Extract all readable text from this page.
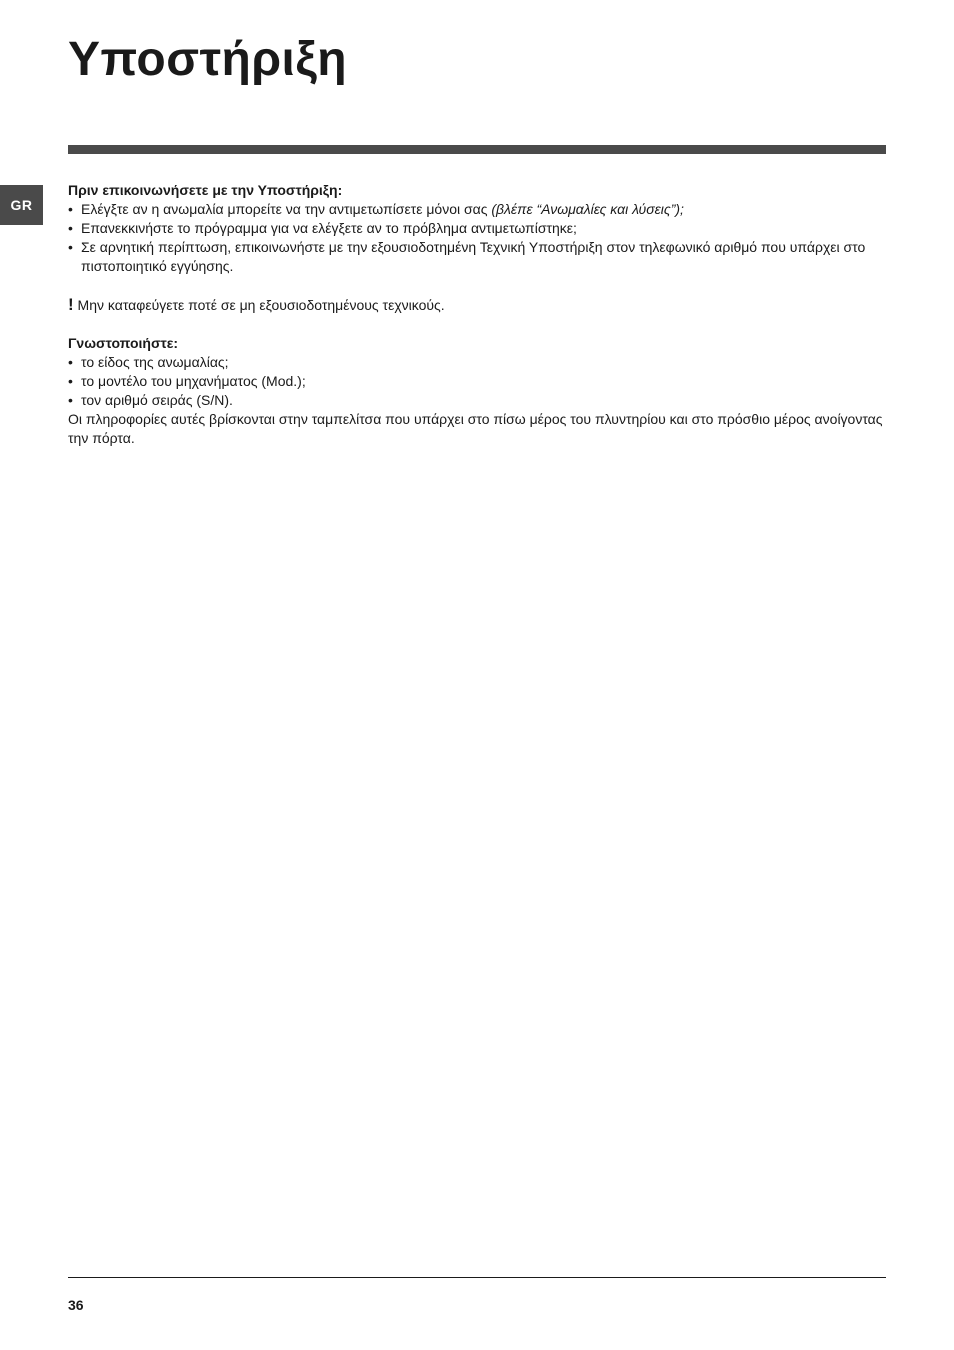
Υποστήριξη
GR

Πριν επικοινωνήσετε με την Υποστήριξη:

• Ελέγξτε αν η ανωμαλία μπορείτε να την αντιμετωπίσετε μόνοι σας (βλέπε “Ανωμαλίες και λύσεις”);
• Επανεκκινήστε το πρόγραμμα για να ελέγξετε αν το πρόβλημα αντιμετωπίστηκε;
• Σε αρνητική περίπτωση, επικοινωνήστε με την εξουσιοδοτημένη Τεχνική Υποστήριξη στον τηλεφωνικό αριθμό που υπάρχει στο πιστοποιητικό εγγύησης.

! Μην καταφεύγετε ποτέ σε μη εξουσιοδοτημένους τεχνικούς.

Γνωστοποιήστε:

• το είδος της ανωμαλίας;
• το μοντέλο του μηχανήματος (Mod.);
• τον αριθμό σειράς (S/N).

Οι πληροφορίες αυτές βρίσκονται στην ταμπελίτσα που υπάρχει στο πίσω μέρος του πλυντηρίου και στο πρόσθιο μέρος ανοίγοντας την πόρτα.

36
